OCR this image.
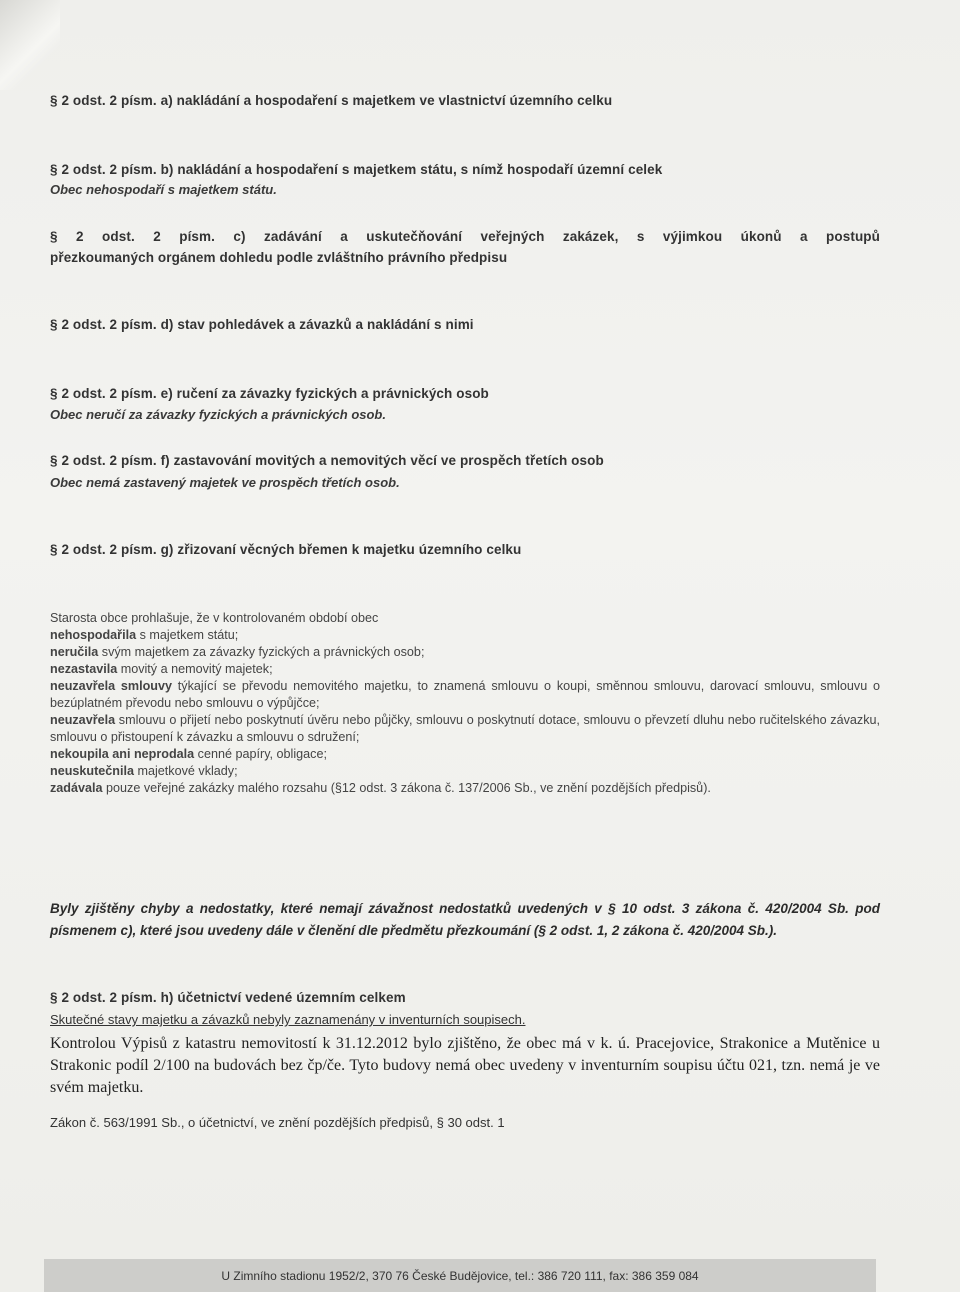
§ 2 odst. 2 písm. a) nakládání a hospodaření s majetkem ve vlastnictví územního celku
§ 2 odst. 2 písm. b) nakládání a hospodaření s majetkem státu, s nímž hospodaří územní celek
Obec nehospodaří s majetkem státu.
§ 2 odst. 2 písm. c) zadávání a uskutečňování veřejných zakázek, s výjimkou úkonů a postupů
přezkoumaných orgánem dohledu podle zvláštního právního předpisu
§ 2 odst. 2 písm. d) stav pohledávek a závazků a nakládání s nimi
§ 2 odst. 2 písm. e) ručení za závazky fyzických a právnických osob
Obec neručí za závazky fyzických a právnických osob.
§ 2 odst. 2 písm. f) zastavování movitých a nemovitých věcí ve prospěch třetích osob
Obec nemá zastavený majetek ve prospěch třetích osob.
§ 2 odst. 2 písm. g) zřizovaní věcných břemen k majetku územního celku

Starosta obce prohlašuje, že v kontrolovaném období obec

nehospodařila s majetkem státu;

neručila svým majetkem za závazky fyzických a právnických osob;

nezastavila movitý a nemovitý majetek;

neuzavřela smlouvy týkající se převodu nemovitého majetku, to znamená smlouvu o koupi, směnnou smlouvu, darovací smlouvu, smlouvu o bezúplatném převodu nebo smlouvu o výpůjčce;

neuzavřela smlouvu o přijetí nebo poskytnutí úvěru nebo půjčky, smlouvu o poskytnutí dotace, smlouvu o převzetí dluhu nebo ručitelského závazku, smlouvu o přistoupení k závazku a smlouvu o sdružení;

nekoupila ani neprodala cenné papíry, obligace;

neuskutečnila majetkové vklady;

zadávala pouze veřejné zakázky malého rozsahu (§12 odst. 3 zákona č. 137/2006 Sb., ve znění pozdějších předpisů).

Byly zjištěny chyby a nedostatky, které nemají závažnost nedostatků uvedených v § 10 odst. 3 zákona č. 420/2004 Sb. pod písmenem c), které jsou uvedeny dále v členění dle předmětu přezkoumání (§ 2 odst. 1, 2 zákona č. 420/2004 Sb.).
§ 2 odst. 2 písm. h) účetnictví vedené územním celkem
Skutečné stavy majetku a závazků nebyly zaznamenány v inventurních soupisech.
Kontrolou Výpisů z katastru nemovitostí k 31.12.2012 bylo zjištěno, že obec má v k. ú. Pracejovice, Strakonice a Mutěnice u Strakonic podíl 2/100 na budovách bez čp/če. Tyto budovy nemá obec uvedeny v inventurním soupisu účtu 021, tzn. nemá je ve svém majetku.
Zákon č. 563/1991 Sb., o účetnictví, ve znění pozdějších předpisů, § 30 odst. 1
U Zimního stadionu 1952/2, 370 76 České Budějovice, tel.: 386 720 111, fax: 386 359 084
